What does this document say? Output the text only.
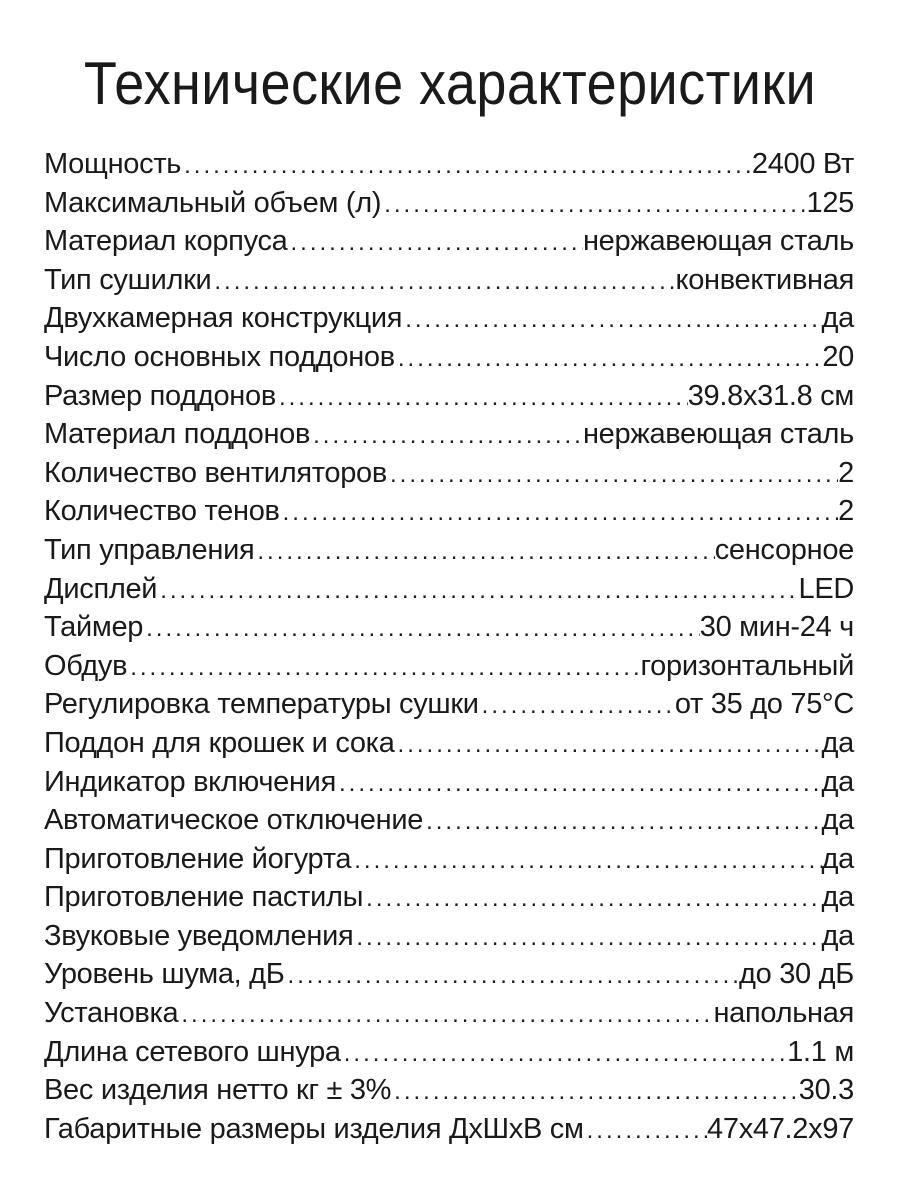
Технические характеристики
Мощность .....	2400 Вт
Максимальный объем (л) .....	125
Материал корпуса .....	нержавеющая сталь
Тип сушилки .....	конвективная
Двухкамерная конструкция .....	да
Число основных поддонов .....	20
Размер поддонов .....	39.8x31.8 см
Материал поддонов .....	нержавеющая сталь
Количество вентиляторов .....	2
Количество тенов .....	2
Тип управления .....	сенсорное
Дисплей .....	LED
Таймер .....	30 мин-24 ч
Обдув .....	горизонтальный
Регулировка температуры сушки .....	от 35 до 75°C
Поддон для крошек и сока .....	да
Индикатор включения .....	да
Автоматическое отключение .....	да
Приготовление йогурта .....	да
Приготовление пастилы .....	да
Звуковые уведомления .....	да
Уровень шума, дБ .....	до 30 дБ
Установка .....	напольная
Длина сетевого шнура .....	1.1 м
Вес изделия нетто кг ± 3% .....	30.3
Габаритные размеры изделия ДхШхВ см .....	47x47.2x97
